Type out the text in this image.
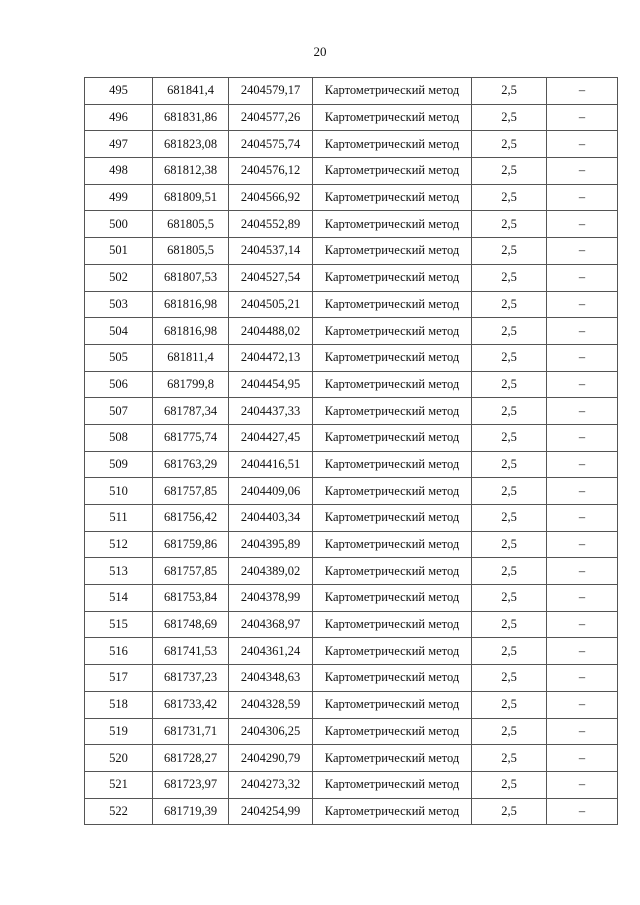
20
495	681841,4	2404579,17	Картометрический метод	2,5	–
496	681831,86	2404577,26	Картометрический метод	2,5	–
497	681823,08	2404575,74	Картометрический метод	2,5	–
498	681812,38	2404576,12	Картометрический метод	2,5	–
499	681809,51	2404566,92	Картометрический метод	2,5	–
500	681805,5	2404552,89	Картометрический метод	2,5	–
501	681805,5	2404537,14	Картометрический метод	2,5	–
502	681807,53	2404527,54	Картометрический метод	2,5	–
503	681816,98	2404505,21	Картометрический метод	2,5	–
504	681816,98	2404488,02	Картометрический метод	2,5	–
505	681811,4	2404472,13	Картометрический метод	2,5	–
506	681799,8	2404454,95	Картометрический метод	2,5	–
507	681787,34	2404437,33	Картометрический метод	2,5	–
508	681775,74	2404427,45	Картометрический метод	2,5	–
509	681763,29	2404416,51	Картометрический метод	2,5	–
510	681757,85	2404409,06	Картометрический метод	2,5	–
511	681756,42	2404403,34	Картометрический метод	2,5	–
512	681759,86	2404395,89	Картометрический метод	2,5	–
513	681757,85	2404389,02	Картометрический метод	2,5	–
514	681753,84	2404378,99	Картометрический метод	2,5	–
515	681748,69	2404368,97	Картометрический метод	2,5	–
516	681741,53	2404361,24	Картометрический метод	2,5	–
517	681737,23	2404348,63	Картометрический метод	2,5	–
518	681733,42	2404328,59	Картометрический метод	2,5	–
519	681731,71	2404306,25	Картометрический метод	2,5	–
520	681728,27	2404290,79	Картометрический метод	2,5	–
521	681723,97	2404273,32	Картометрический метод	2,5	–
522	681719,39	2404254,99	Картометрический метод	2,5	–
